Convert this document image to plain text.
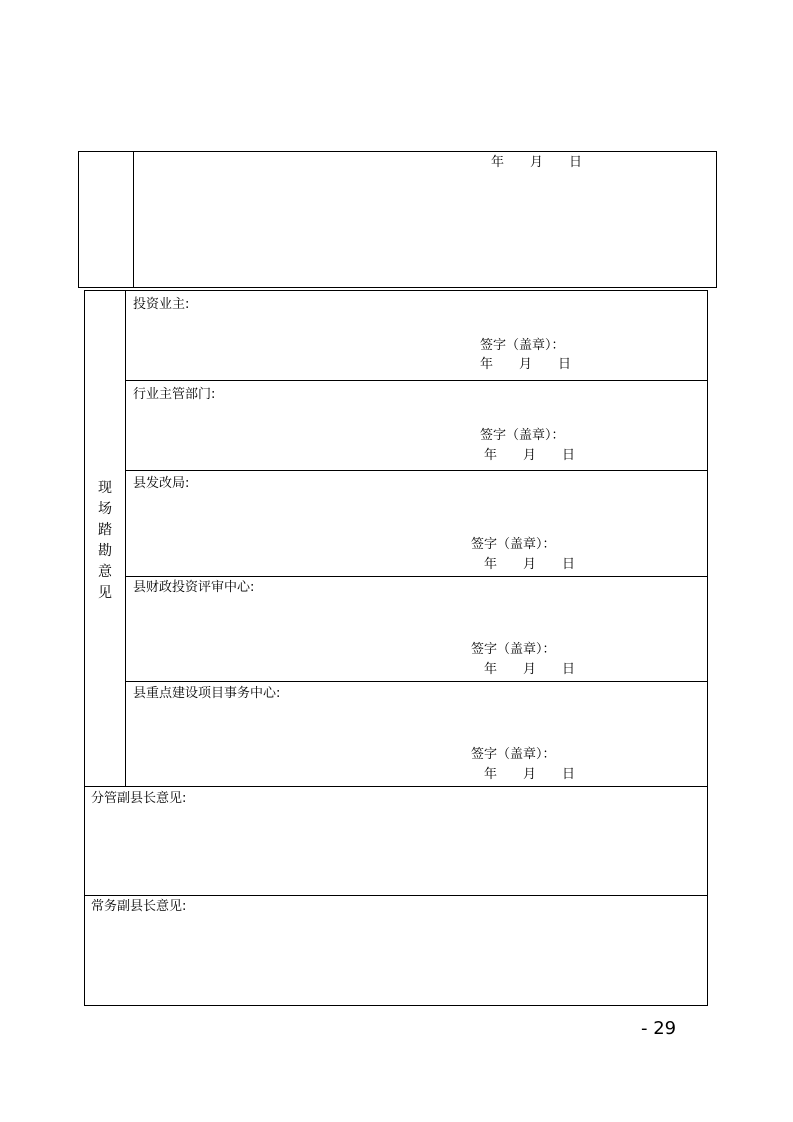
年　　月　　日
现
场
踏
勘
意
见
投资业主:
签字（盖章）：
年　　月　　日
行业主管部门:
签字（盖章）：
年　　月　　日
县发改局:
签字（盖章）：
年　　月　　日
县财政投资评审中心:
签字（盖章）：
年　　月　　日
县重点建设项目事务中心:
签字（盖章）：
年　　月　　日
分管副县长意见:
常务副县长意见:
- 29
